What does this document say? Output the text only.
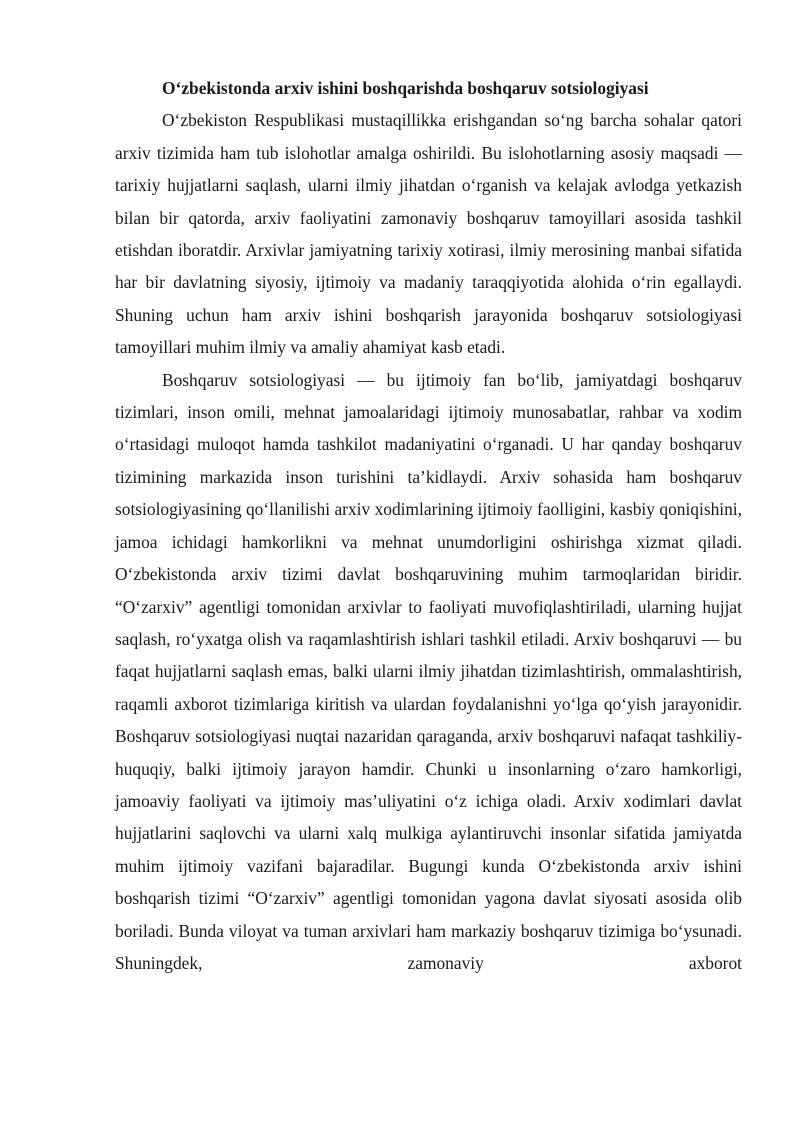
O‘zbekistonda arxiv ishini boshqarishda boshqaruv sotsiologiyasi

O‘zbekiston Respublikasi mustaqillikka erishgandan so‘ng barcha sohalar qatori arxiv tizimida ham tub islohotlar amalga oshirildi. Bu islohotlarning asosiy maqsadi — tarixiy hujjatlarni saqlash, ularni ilmiy jihatdan o‘rganish va kelajak avlodga yetkazish bilan bir qatorda, arxiv faoliyatini zamonaviy boshqaruv tamoyillari asosida tashkil etishdan iboratdir. Arxivlar jamiyatning tarixiy xotirasi, ilmiy merosining manbai sifatida har bir davlatning siyosiy, ijtimoiy va madaniy taraqqiyotida alohida o‘rin egallaydi. Shuning uchun ham arxiv ishini boshqarish jarayonida boshqaruv sotsiologiyasi tamoyillari muhim ilmiy va amaliy ahamiyat kasb etadi.

Boshqaruv sotsiologiyasi — bu ijtimoiy fan bo‘lib, jamiyatdagi boshqaruv tizimlari, inson omili, mehnat jamoalaridagi ijtimoiy munosabatlar, rahbar va xodim o‘rtasidagi muloqot hamda tashkilot madaniyatini o‘rganadi. U har qanday boshqaruv tizimining markazida inson turishini ta’kidlaydi. Arxiv sohasida ham boshqaruv sotsiologiyasining qo‘llanilishi arxiv xodimlarining ijtimoiy faolligini, kasbiy qoniqishini, jamoa ichidagi hamkorlikni va mehnat unumdorligini oshirishga xizmat qiladi. O‘zbekistonda arxiv tizimi davlat boshqaruvining muhim tarmoqlaridan biridir. “O‘zarxiv” agentligi tomonidan arxivlar to faoliyati muvofiqlashtiriladi, ularning hujjat saqlash, ro‘yxatga olish va raqamlashtirish ishlari tashkil etiladi. Arxiv boshqaruvi — bu faqat hujjatlarni saqlash emas, balki ularni ilmiy jihatdan tizimlashtirish, ommalashtirish, raqamli axborot tizimlariga kiritish va ulardan foydalanishni yo‘lga qo‘yish jarayonidir. Boshqaruv sotsiologiyasi nuqtai nazaridan qaraganda, arxiv boshqaruvi nafaqat tashkiliy-huquqiy, balki ijtimoiy jarayon hamdir. Chunki u insonlarning o‘zaro hamkorligi, jamoaviy faoliyati va ijtimoiy mas’uliyatini o‘z ichiga oladi. Arxiv xodimlari davlat hujjatlarini saqlovchi va ularni xalq mulkiga aylantiruvchi insonlar sifatida jamiyatda muhim ijtimoiy vazifani bajaradilar. Bugungi kunda O‘zbekistonda arxiv ishini boshqarish tizimi “O‘zarxiv” agentligi tomonidan yagona davlat siyosati asosida olib boriladi. Bunda viloyat va tuman arxivlari ham markaziy boshqaruv tizimiga bo‘ysunadi. Shuningdek, zamonaviy axborot
